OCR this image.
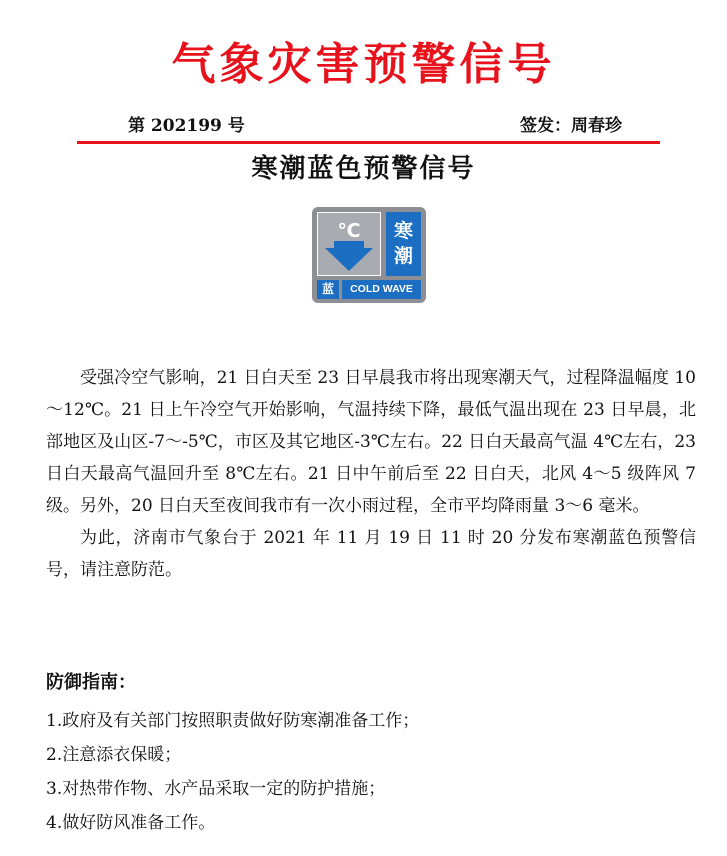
气象灾害预警信号
第 202199 号	签发：周春珍
寒潮蓝色预警信号
℃ 寒
潮
蓝	COLD WAVE

受强冷空气影响，21 日白天至 23 日早晨我市将出现寒潮天气，过程降温幅度 10～12℃。21 日上午冷空气开始影响，气温持续下降，最低气温出现在 23 日早晨，北部地区及山区-7～-5℃，市区及其它地区-3℃左右。22 日白天最高气温 4℃左右，23 日白天最高气温回升至 8℃左右。21 日中午前后至 22 日白天，北风 4～5 级阵风 7 级。另外，20 日白天至夜间我市有一次小雨过程，全市平均降雨量 3～6 毫米。

为此，济南市气象台于 2021 年 11 月 19 日 11 时 20 分发布寒潮蓝色预警信号，请注意防范。

防御指南：
1.政府及有关部门按照职责做好防寒潮准备工作；
2.注意添衣保暖；
3.对热带作物、水产品采取一定的防护措施；
4.做好防风准备工作。
